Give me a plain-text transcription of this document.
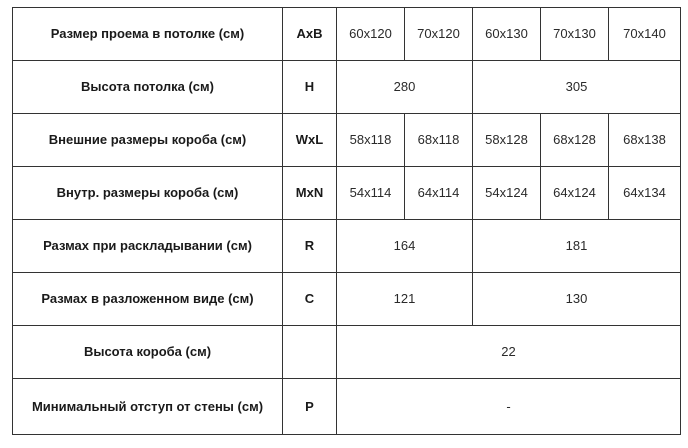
Размер проема в потолке (см)	AxB	60x120	70x120	60x130	70x130	70x140
Высота потолка (см)	H	280		305		
Внешние размеры короба (см)	WxL	58x118	68x118	58x128	68x128	68x138
Внутр. размеры короба (см)	MxN	54x114	64x114	54x124	64x124	64x134
Размах при раскладывании (см)	R	164		181		
Размах в разложенном виде (см)	C	121		130		
Высота короба (см)		22				
Минимальный отступ от стены (см)	P	-				
